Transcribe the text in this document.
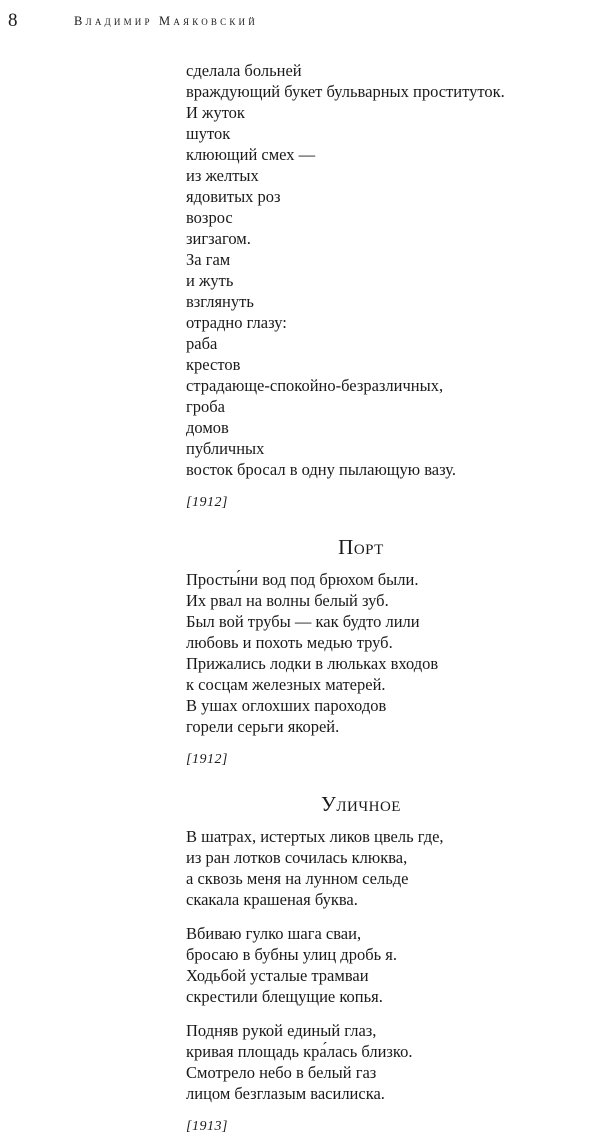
8	Владимир Маяковский
сделала больней
враждующий букет бульварных проституток.
И жуток
шуток
клюющий смех —
из желтых
ядовитых роз
возрос
зигзагом.
За гам
и жуть
взглянуть
отрадно глазу:
раба
крестов
страдающе-спокойно-безразличных,
гроба
домов
публичных
восток бросал в одну пылающую вазу.
[1912]
Порт
Просты́ни вод под брюхом были.
Их рвал на волны белый зуб.
Был вой трубы — как будто лили
любовь и похоть медью труб.
Прижались лодки в люльках входов
к сосцам железных матерей.
В ушах оглохших пароходов
горели серьги якорей.
[1912]
Уличное
В шатрах, истертых ликов цвель где,
из ран лотков сочилась клюква,
а сквозь меня на лунном сельде
скакала крашеная буква.
Вбиваю гулко шага сваи,
бросаю в бубны улиц дробь я.
Ходьбой усталые трамваи
скрестили блещущие копья.
Подняв рукой единый глаз,
кривая площадь кра́лась близко.
Смотрело небо в белый газ
лицом безглазым василиска.
[1913]
